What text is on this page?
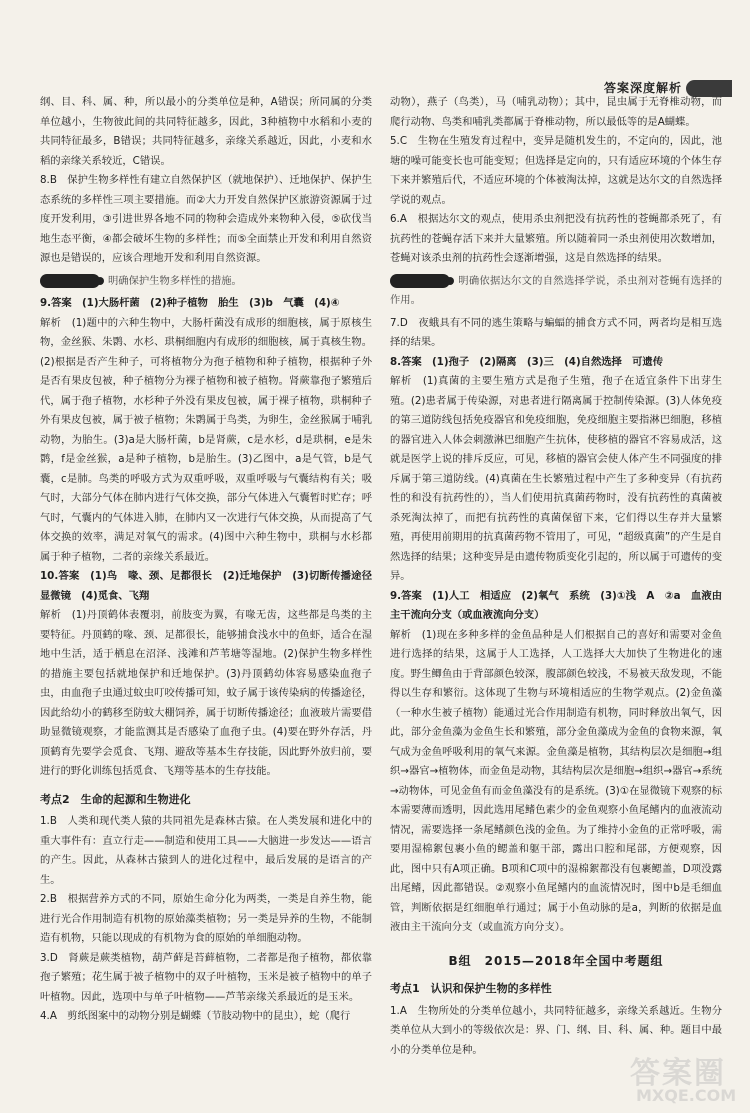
答案深度解析

纲、目、科、属、种，所以最小的分类单位是种，A错误；所同属的分类单位越小，生物彼此间的共同特征越多，因此，3种植物中水稻和小麦的共同特征最多，B错误；共同特征越多，亲缘关系越近，因此，小麦和水稻的亲缘关系较近，C错误。

8.B　保护生物多样性有建立自然保护区（就地保护）、迁地保护、保护生态系统的多样性三项主要措施。而②大力开发自然保护区旅游资源属于过度开发利用，③引进世界各地不同的物种会造成外来物种入侵，⑤砍伐当地生态平衡，④都会破坏生物的多样性；而⑤全面禁止开发和利用自然资源也是错误的，应该合理地开发和利用自然资源。

明确保护生物多样性的措施。

9.答案　(1)大肠杆菌　(2)种子植物　胎生　(3)b　气囊　(4)④

解析　(1)题中的六种生物中，大肠杆菌没有成形的细胞核，属于原核生物，金丝猴、朱鹮、水杉、珙桐细胞内有成形的细胞核，属于真核生物。(2)根据是否产生种子，可将植物分为孢子植物和种子植物，根据种子外是否有果皮包被，种子植物分为裸子植物和被子植物。肾蕨靠孢子繁殖后代，属于孢子植物，水杉种子外没有果皮包被，属于裸子植物，珙桐种子外有果皮包被，属于被子植物；朱鹮属于鸟类，为卵生，金丝猴属于哺乳动物，为胎生。(3)a是大肠杆菌，b是肾蕨，c是水杉，d是珙桐，e是朱鹮，f是金丝猴，a是种子植物，b是胎生。(3)乙图中，a是气管，b是气囊，c是肺。鸟类的呼吸方式为双重呼吸，双重呼吸与气囊结构有关；吸气时，大部分气体在肺内进行气体交换，部分气体进入气囊暂时贮存；呼气时，气囊内的气体进入肺，在肺内又一次进行气体交换，从而提高了气体交换的效率，满足对氧气的需求。(4)图中六种生物中，珙桐与水杉都属于种子植物，二者的亲缘关系最近。

10.答案　(1)鸟　喙、颈、足都很长　(2)迁地保护　(3)切断传播途径　显微镜　(4)觅食、飞翔

解析　(1)丹顶鹤体表覆羽，前肢变为翼，有喙无齿，这些都是鸟类的主要特征。丹顶鹤的喙、颈、足都很长，能够捕食浅水中的鱼虾，适合在湿地中生活，适于栖息在沼泽、浅滩和芦苇塘等湿地。(2)保护生物多样性的措施主要包括就地保护和迁地保护。(3)丹顶鹤幼体容易感染血孢子虫，由血孢子虫通过蚊虫叮咬传播可知，蚊子属于该传染病的传播途径，因此给幼小的鹤移至防蚊大棚饲养，属于切断传播途径；血液玻片需要借助显微镜观察，才能监测其是否感染了血孢子虫。(4)要在野外存活，丹顶鹤育先要学会觅食、飞翔、避敌等基本生存技能，因此野外放归前，要进行的野化训练包括觅食、飞翔等基本的生存技能。

考点2　生命的起源和生物进化

1.B　人类和现代类人猿的共同祖先是森林古猿。在人类发展和进化中的重大事件有：直立行走——制造和使用工具——大脑进一步发达——语言的产生。因此，从森林古猿到人的进化过程中，最后发展的是语言的产生。

2.B　根据营养方式的不同，原始生命分化为两类，一类是自养生物，能进行光合作用制造有机物的原始藻类植物；另一类是异养的生物，不能制造有机物，只能以现成的有机物为食的原始的单细胞动物。

3.D　肾蕨是蕨类植物，葫芦藓是苔藓植物，二者都是孢子植物，都依靠孢子繁殖；花生属于被子植物中的双子叶植物，玉米是被子植物中的单子叶植物。因此，选项中与单子叶植物——芦苇亲缘关系最近的是玉米。

4.A　剪纸图案中的动物分别是蝴蝶（节肢动物中的昆虫），蛇（爬行

动物），燕子（鸟类），马（哺乳动物）；其中，昆虫属于无脊椎动物，而爬行动物、鸟类和哺乳类都属于脊椎动物，所以最低等的是A蝴蝶。

5.C　生物在生殖发育过程中，变异是随机发生的，不定向的，因此，池塘的噪可能变长也可能变短；但选择是定向的，只有适应环境的个体生存下来并繁殖后代，不适应环境的个体被淘汰掉，这就是达尔文的自然选择学说的观点。

6.A　根据达尔文的观点，使用杀虫剂把没有抗药性的苍蝇都杀死了，有抗药性的苍蝇存活下来并大量繁殖。所以随着同一杀虫剂使用次数增加，苍蝇对该杀虫剂的抗药性会逐渐增强，这是自然选择的结果。

明确依据达尔文的自然选择学说，杀虫剂对苍蝇有选择的作用。

7.D　夜蛾具有不同的逃生策略与蝙蝠的捕食方式不同，两者均是相互选择的结果。

8.答案　(1)孢子　(2)隔离　(3)三　(4)自然选择　可遗传

解析　(1)真菌的主要生殖方式是孢子生殖，孢子在适宜条件下出芽生殖。(2)患者属于传染源，对患者进行隔离属于控制传染源。(3)人体免疫的第三道防线包括免疫器官和免疫细胞，免疫细胞主要指淋巴细胞，移植的器官进入人体会刺激淋巴细胞产生抗体，使移植的器官不容易成活，这就是医学上说的排斥反应，可见，移植的器官会使人体产生不同强度的排斥属于第三道防线。(4)真菌在生长繁殖过程中产生了多种变异（有抗药性的和没有抗药性的），当人们使用抗真菌药物时，没有抗药性的真菌被杀死淘汰掉了，而把有抗药性的真菌保留下来，它们得以生存并大量繁殖，再使用前期用的抗真菌药物不管用了，可见，“超级真菌”的产生是自然选择的结果；这种变异是由遗传物质变化引起的，所以属于可遗传的变异。

9.答案　(1)人工　相适应　(2)氧气　系统　(3)①浅　A　②a　血液由主干流向分支（或血液流向分支）

解析　(1)现在多种多样的金鱼品种是人们根据自己的喜好和需要对金鱼进行选择的结果，这属于人工选择，人工选择大大加快了生物进化的速度。野生鲫鱼由于背部颜色较深，腹部颜色较浅，不易被天敌发现，不能得以生存和繁衍。这体现了生物与环境相适应的生物学观点。(2)金鱼藻（一种水生被子植物）能通过光合作用制造有机物，同时释放出氧气，因此，部分金鱼藻为金鱼生长和繁殖，部分金鱼藻成为金鱼的食物来源，氧气成为金鱼呼吸利用的氧气来源。金鱼藻是植物，其结构层次是细胞→组织→器官→植物体，而金鱼是动物，其结构层次是细胞→组织→器官→系统→动物体，可见金鱼有而金鱼藻没有的是系统。(3)①在显微镜下观察的标本需要薄而透明，因此选用尾鳍色素少的金鱼观察小鱼尾鳍内的血液流动情况，需要选择一条尾鳍颜色浅的金鱼。为了维持小金鱼的正常呼吸，需要用湿棉絮包裹小鱼的鳃盖和躯干部，露出口腔和尾部，方便观察，因此，图中只有A项正确。B项和C项中的湿棉絮都没有包裹鳃盖，D项没露出尾鳍，因此都错误。②观察小鱼尾鳍内的血流情况时，图中b是毛细血管，判断依据是红细胞单行通过；属于小鱼动脉的是a，判断的依据是血液由主干流向分支（或血流方向分支）。

B组　2015—2018年全国中考题组

考点1　认识和保护生物的多样性

1.A　生物所处的分类单位越小，共同特征越多，亲缘关系越近。生物分类单位从大到小的等级依次是：界、门、纲、目、科、属、种。题目中最小的分类单位是种。

答案圈
MXQE.COM
